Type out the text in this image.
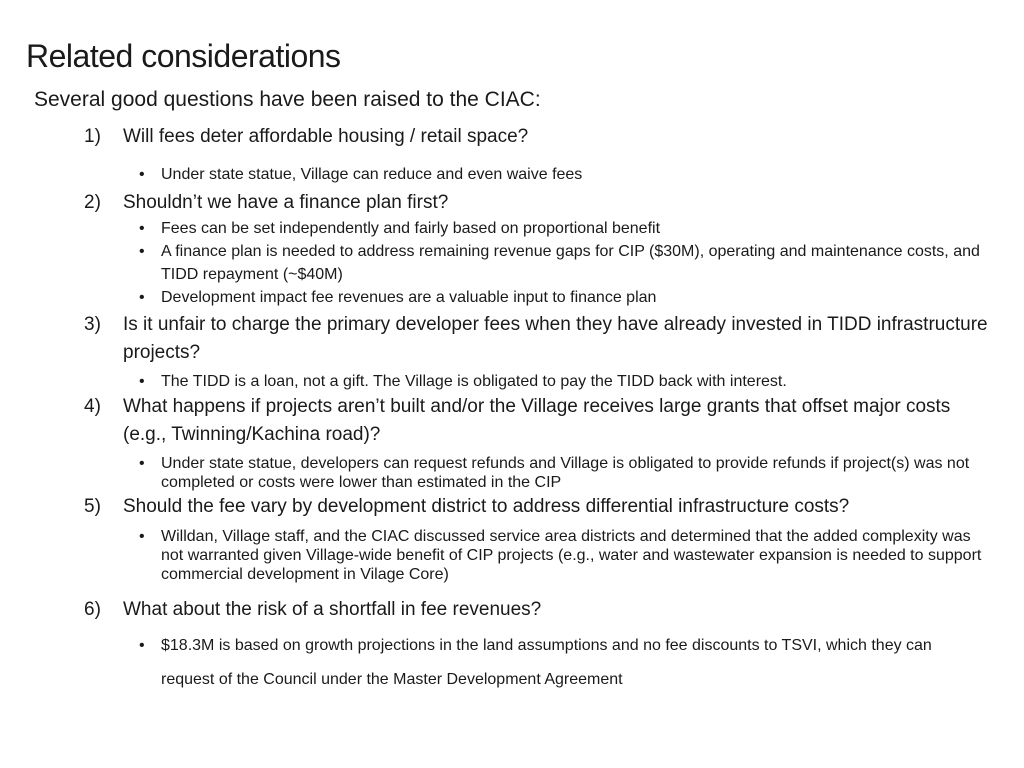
Related considerations
Several good questions have been raised to the CIAC:
1) Will fees deter affordable housing / retail space?
• Under state statue, Village can reduce and even waive fees
2) Shouldn’t we have a finance plan first?
• Fees can be set independently and fairly based on proportional benefit
• A finance plan is needed to address remaining revenue gaps for CIP ($30M), operating and maintenance costs, and TIDD repayment (~$40M)
• Development impact fee revenues are a valuable input to finance plan
3) Is it unfair to charge the primary developer fees when they have already invested in TIDD infrastructure projects?
• The TIDD is a loan, not a gift. The Village is obligated to pay the TIDD back with interest.
4) What happens if projects aren’t built and/or the Village receives large grants that offset major costs (e.g., Twinning/Kachina road)?
• Under state statue, developers can request refunds and Village is obligated to provide refunds if project(s) was not completed or costs were lower than estimated in the CIP
5) Should the fee vary by development district to address differential infrastructure costs?
• Willdan, Village staff, and the CIAC discussed service area districts and determined that the added complexity was not warranted given Village-wide benefit of CIP projects (e.g., water and wastewater expansion is needed to support commercial development in Vilage Core)
6) What about the risk of a shortfall in fee revenues?
• $18.3M is based on growth projections in the land assumptions and no fee discounts to TSVI, which they can request of the Council under the Master Development Agreement
